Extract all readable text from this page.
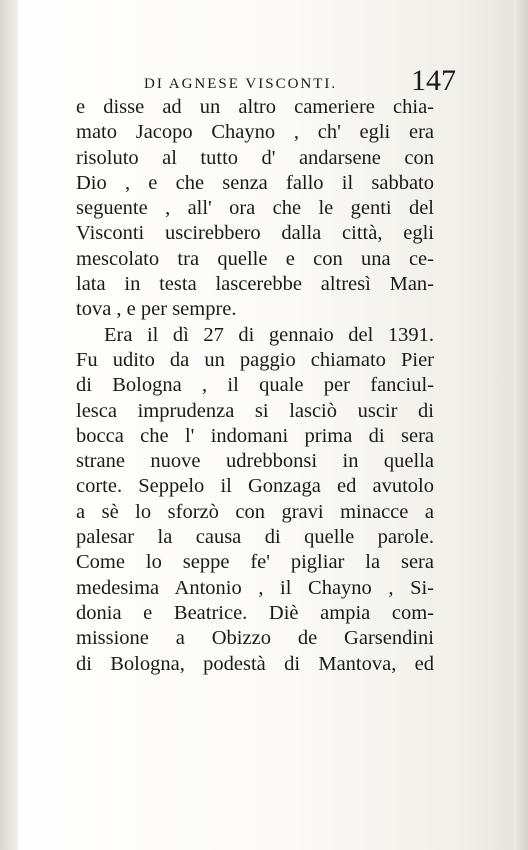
DI AGNESE VISCONTI. 147
e disse ad un altro cameriere chia-
mato Jacopo Chayno , ch' egli era
risoluto al tutto d' andarsene con
Dio , e che senza fallo il sabbato
seguente , all' ora che le genti del
Visconti uscirebbero dalla città, egli
mescolato tra quelle e con una ce-
lata in testa lascerebbe altresì Man-
tova , e per sempre.
Era il dì 27 di gennaio del 1391.
Fu udito da un paggio chiamato Pier
di Bologna , il quale per fanciul-
lesca imprudenza si lasciò uscir di
bocca che l' indomani prima di sera
strane nuove udrebbonsi in quella
corte. Seppelo il Gonzaga ed avutolo
a sè lo sforzò con gravi minacce a
palesar la causa di quelle parole.
Come lo seppe fe' pigliar la sera
medesima Antonio , il Chayno , Si-
donia e Beatrice. Diè ampia com-
missione a Obizzo de Garsendini
di Bologna, podestà di Mantova, ed
